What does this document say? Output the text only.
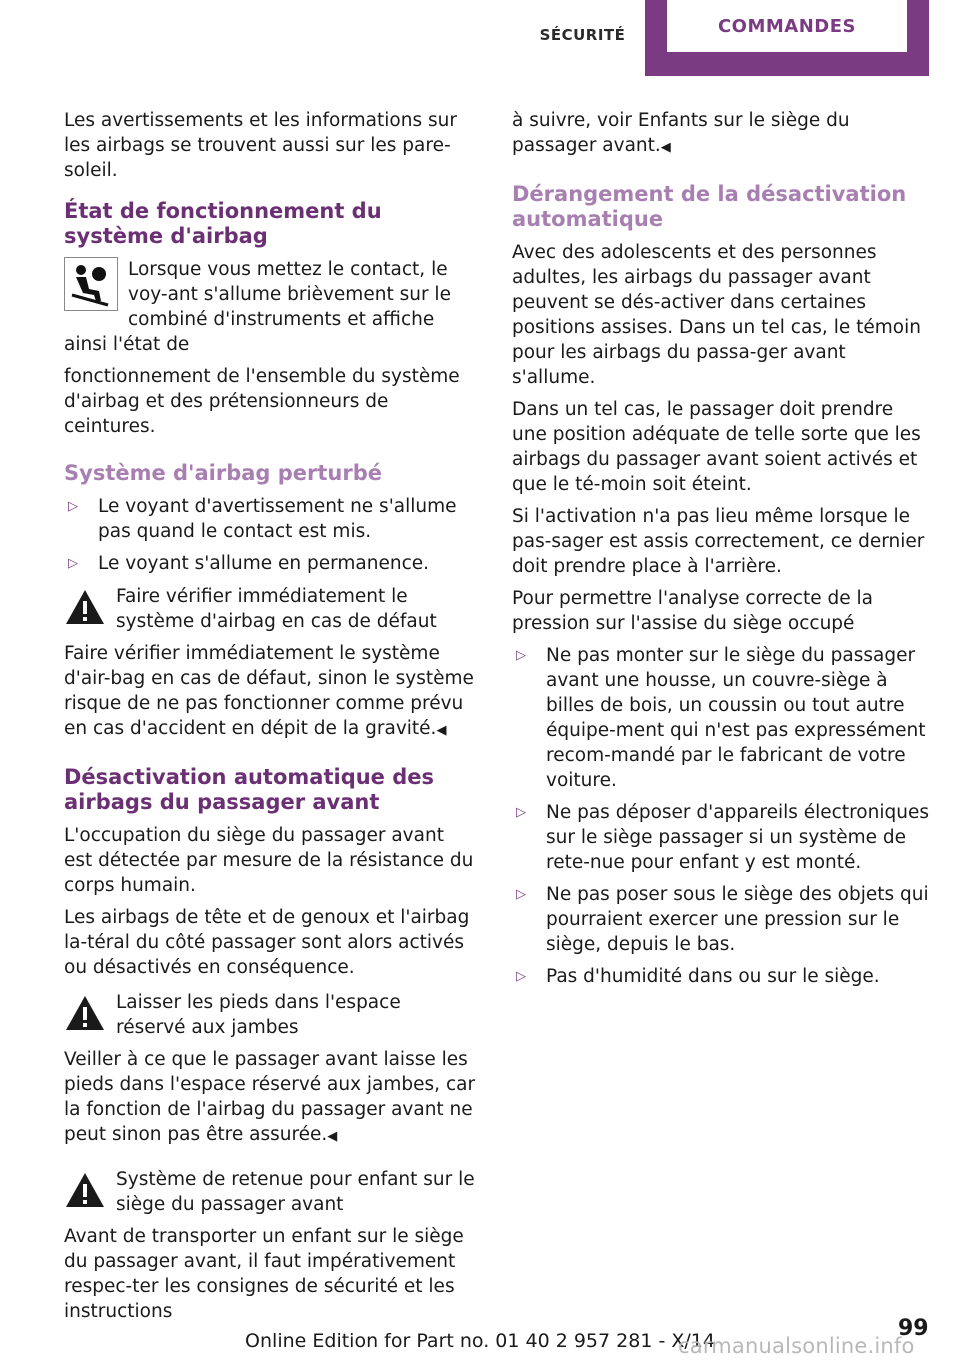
SÉCURITÉ	COMMANDES

Les avertissements et les informations sur les airbags se trouvent aussi sur les pare-soleil.

État de fonctionnement du système d'airbag

Lorsque vous mettez le contact, le voy-ant s'allume brièvement sur le combiné d'instruments et affiche ainsi l'état de

fonctionnement de l'ensemble du système d'airbag et des prétensionneurs de ceintures.

Système d'airbag perturbé
▷ Le voyant d'avertissement ne s'allume pas quand le contact est mis.
▷ Le voyant s'allume en permanence.

Faire vérifier immédiatement le système d'airbag en cas de défaut

Faire vérifier immédiatement le système d'air-bag en cas de défaut, sinon le système risque de ne pas fonctionner comme prévu en cas d'accident en dépit de la gravité.◀

Désactivation automatique des airbags du passager avant

L'occupation du siège du passager avant est détectée par mesure de la résistance du corps humain.

Les airbags de tête et de genoux et l'airbag la-téral du côté passager sont alors activés ou désactivés en conséquence.

Laisser les pieds dans l'espace réservé aux jambes

Veiller à ce que le passager avant laisse les pieds dans l'espace réservé aux jambes, car la fonction de l'airbag du passager avant ne peut sinon pas être assurée.◀

Système de retenue pour enfant sur le siège du passager avant

Avant de transporter un enfant sur le siège du passager avant, il faut impérativement respec-ter les consignes de sécurité et les instructions

à suivre, voir Enfants sur le siège du passager avant.◀

Dérangement de la désactivation automatique

Avec des adolescents et des personnes adultes, les airbags du passager avant peuvent se dés-activer dans certaines positions assises. Dans un tel cas, le témoin pour les airbags du passa-ger avant s'allume.

Dans un tel cas, le passager doit prendre une position adéquate de telle sorte que les airbags du passager avant soient activés et que le té-moin soit éteint.

Si l'activation n'a pas lieu même lorsque le pas-sager est assis correctement, ce dernier doit prendre place à l'arrière.

Pour permettre l'analyse correcte de la pression sur l'assise du siège occupé

▷ Ne pas monter sur le siège du passager avant une housse, un couvre-siège à billes de bois, un coussin ou tout autre équipe-ment qui n'est pas expressément recom-mandé par le fabricant de votre voiture.
▷ Ne pas déposer d'appareils électroniques sur le siège passager si un système de rete-nue pour enfant y est monté.
▷ Ne pas poser sous le siège des objets qui pourraient exercer une pression sur le siège, depuis le bas.
▷ Pas d'humidité dans ou sur le siège.
99
Online Edition for Part no. 01 40 2 957 281 - X/14
carmanualsonline.info
